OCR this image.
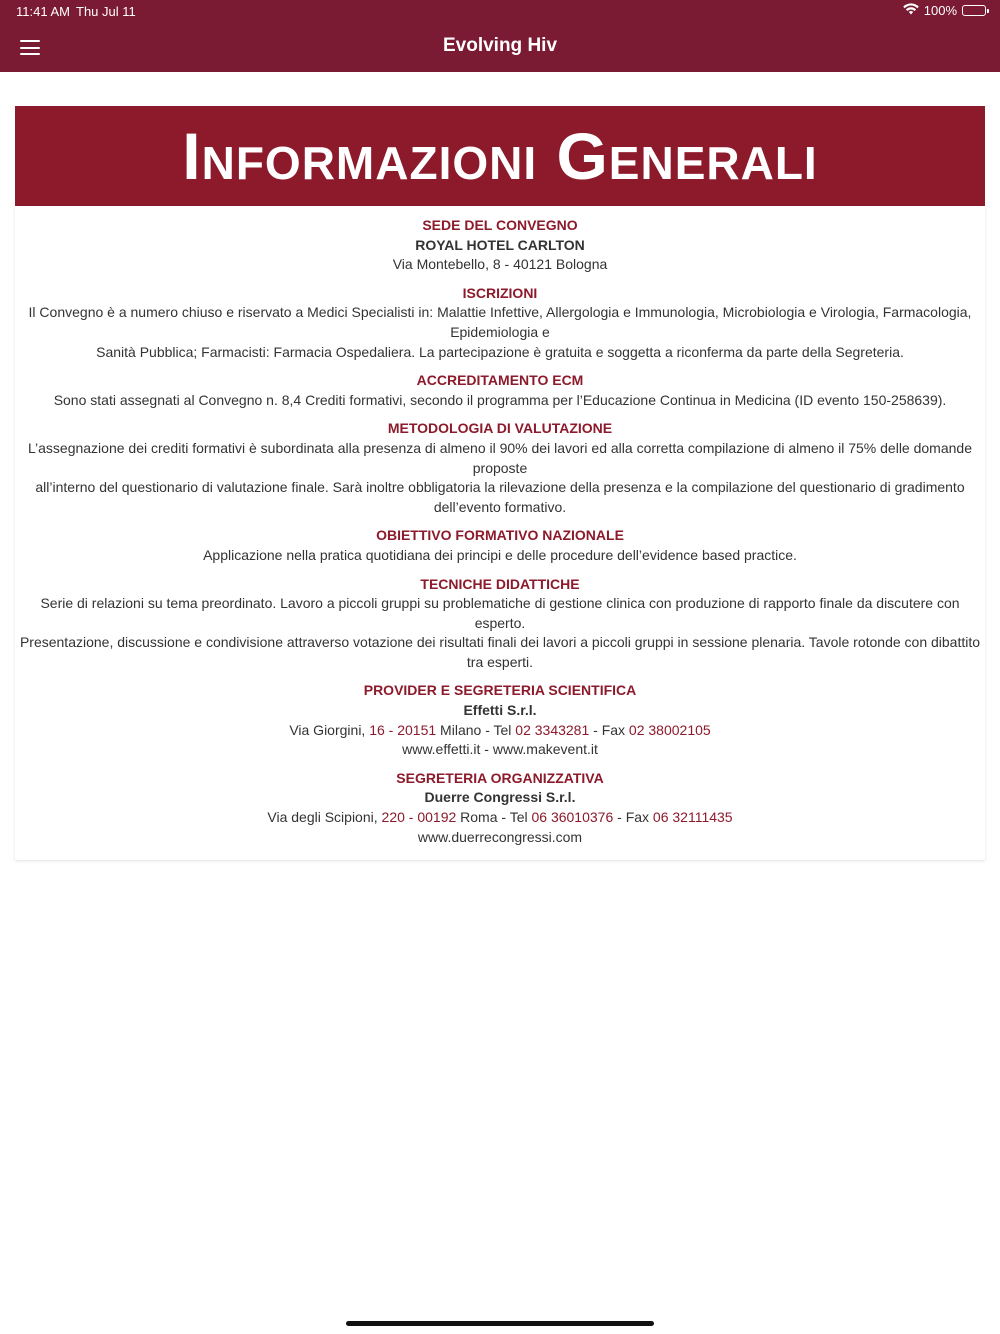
11:41 AM Thu Jul 11	100%
Evolving Hiv
Informazioni Generali
SEDE DEL CONVEGNO
ROYAL HOTEL CARLTON
Via Montebello, 8 - 40121 Bologna
ISCRIZIONI
Il Convegno è a numero chiuso e riservato a Medici Specialisti in: Malattie Infettive, Allergologia e Immunologia, Microbiologia e Virologia, Farmacologia, Epidemiologia e
Sanità Pubblica; Farmacisti: Farmacia Ospedaliera. La partecipazione è gratuita e soggetta a riconferma da parte della Segreteria.
ACCREDITAMENTO ECM
Sono stati assegnati al Convegno n. 8,4 Crediti formativi, secondo il programma per l’Educazione Continua in Medicina (ID evento 150-258639).
METODOLOGIA DI VALUTAZIONE
L’assegnazione dei crediti formativi è subordinata alla presenza di almeno il 90% dei lavori ed alla corretta compilazione di almeno il 75% delle domande proposte
all’interno del questionario di valutazione finale. Sarà inoltre obbligatoria la rilevazione della presenza e la compilazione del questionario di gradimento dell’evento formativo.
OBIETTIVO FORMATIVO NAZIONALE
Applicazione nella pratica quotidiana dei principi e delle procedure dell’evidence based practice.
TECNICHE DIDATTICHE
Serie di relazioni su tema preordinato. Lavoro a piccoli gruppi su problematiche di gestione clinica con produzione di rapporto finale da discutere con esperto.
Presentazione, discussione e condivisione attraverso votazione dei risultati finali dei lavori a piccoli gruppi in sessione plenaria. Tavole rotonde con dibattito tra esperti.
PROVIDER E SEGRETERIA SCIENTIFICA
Effetti S.r.l.
Via Giorgini, 16 - 20151 Milano - Tel 02 3343281 - Fax 02 38002105
www.effetti.it - www.makevent.it
SEGRETERIA ORGANIZZATIVA
Duerre Congressi S.r.l.
Via degli Scipioni, 220 - 00192 Roma - Tel 06 36010376 - Fax 06 32111435
www.duerrecongressi.com
